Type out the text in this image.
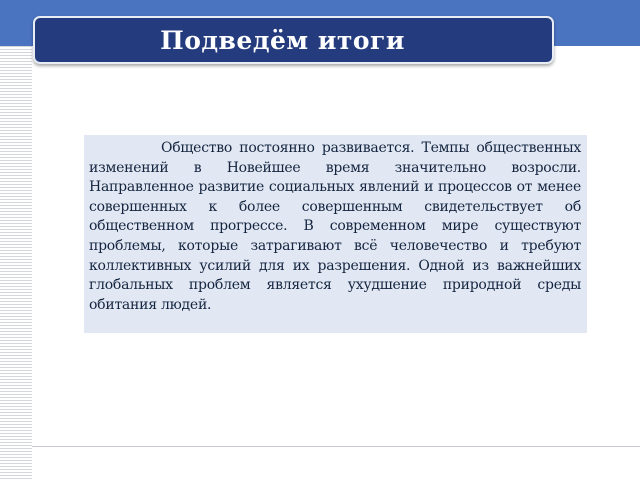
Подведём итоги

Общество постоянно развивается. Темпы общественных изменений в Новейшее время значительно возросли. Направленное развитие социальных явлений и процессов от менее совершенных к более совершенным свидетельствует об общественном прогрессе. В современном мире существуют проблемы, которые затрагивают всё человечество и требуют коллективных усилий для их разрешения. Одной из важнейших глобальных проблем является ухудшение природной среды обитания людей.
